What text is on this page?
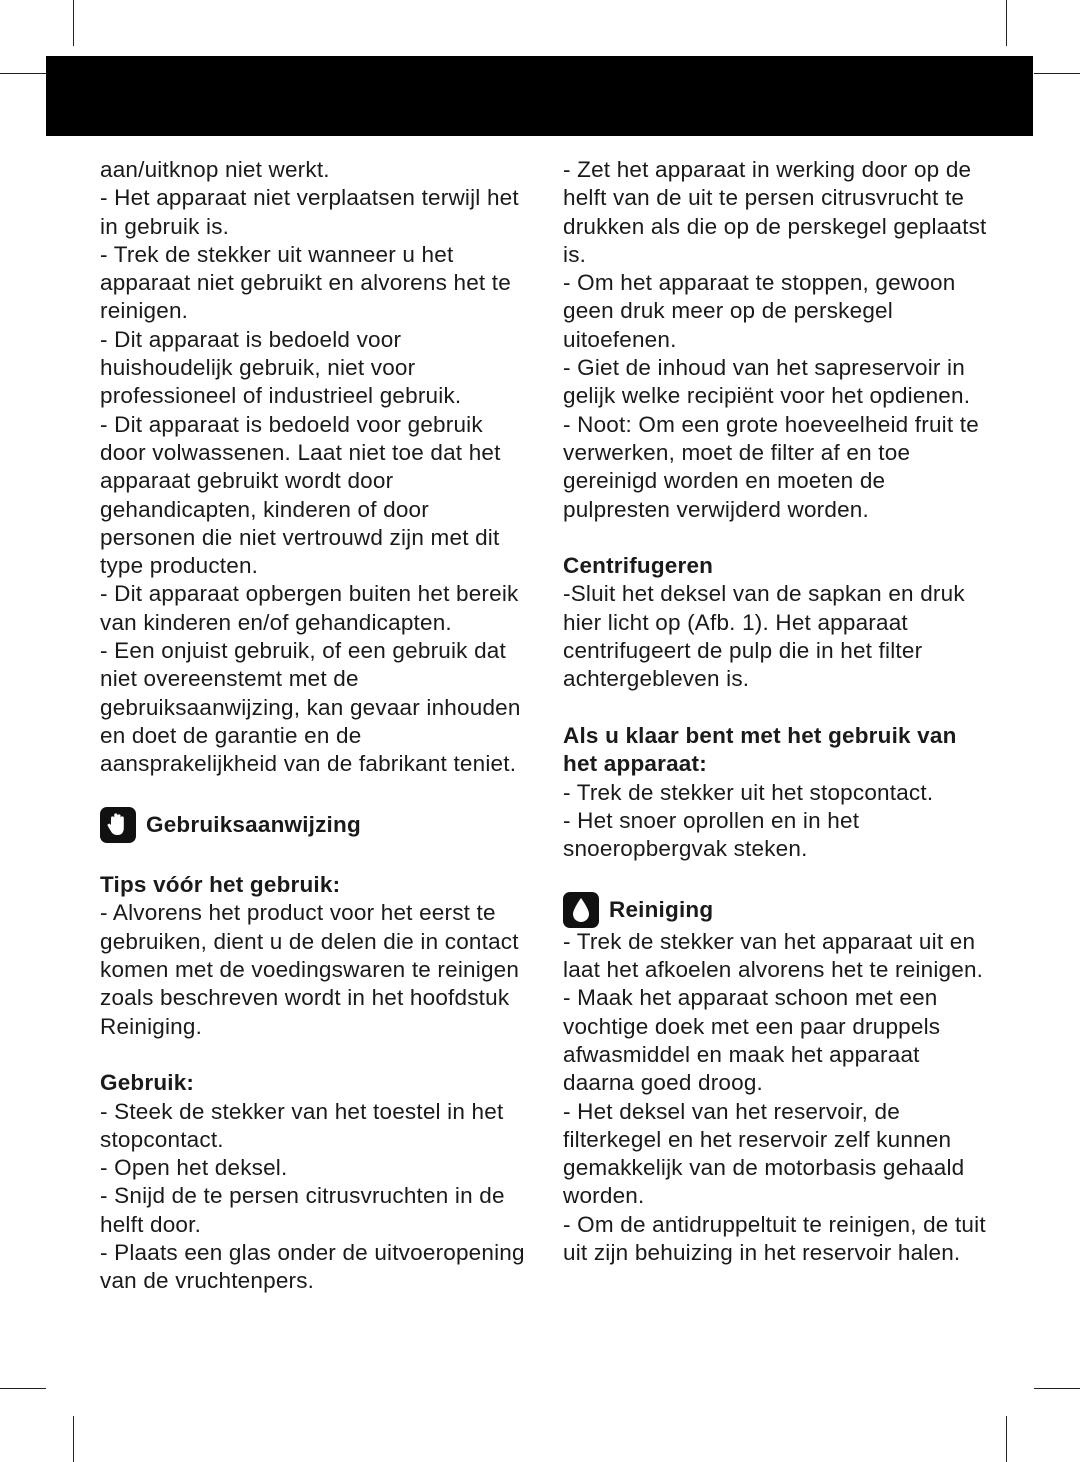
aan/uitknop niet werkt.

- Het apparaat niet verplaatsen terwijl het in gebruik is.

- Trek de stekker uit wanneer u het apparaat niet gebruikt en alvorens het te reinigen.

- Dit apparaat is bedoeld voor huishoudelijk gebruik, niet voor professioneel of industrieel gebruik.

- Dit apparaat is bedoeld voor gebruik door volwassenen. Laat niet toe dat het apparaat gebruikt wordt door gehandicapten, kinderen of door personen die niet vertrouwd zijn met dit type producten.

- Dit apparaat opbergen buiten het bereik van kinderen en/of gehandicapten.

- Een onjuist gebruik, of een gebruik dat niet overeenstemt met de gebruiksaanwijzing, kan gevaar inhouden en doet de garantie en de aansprakelijkheid van de fabrikant teniet.

Gebruiksaanwijzing

Tips vóór het gebruik:

- Alvorens het product voor het eerst te gebruiken, dient u de delen die in contact komen met de voedingswaren te reinigen zoals beschreven wordt in het hoofdstuk Reiniging.

Gebruik:

- Steek de stekker van het toestel in het stopcontact.

- Open het deksel.

- Snijd de te persen citrusvruchten in de helft door.

- Plaats een glas onder de uitvoeropening van de vruchtenpers.

- Zet het apparaat in werking door op de helft van de uit te persen citrusvrucht te drukken als die op de perskegel geplaatst is.

- Om het apparaat te stoppen, gewoon geen druk meer op de perskegel uitoefenen.

- Giet de inhoud van het sapreservoir in gelijk welke recipiënt voor het opdienen.

- Noot: Om een grote hoeveelheid fruit te verwerken, moet de filter af en toe gereinigd worden en moeten de pulpresten verwijderd worden.

Centrifugeren

-Sluit het deksel van de sapkan en druk hier licht op (Afb. 1). Het apparaat centrifugeert de pulp die in het filter achtergebleven is.

Als u klaar bent met het gebruik van het apparaat:

- Trek de stekker uit het stopcontact.

- Het snoer oprollen en in het snoeropbergvak steken.

Reiniging

- Trek de stekker van het apparaat uit en laat het afkoelen alvorens het te reinigen.

- Maak het apparaat schoon met een vochtige doek met een paar druppels afwasmiddel en maak het apparaat daarna goed droog.

- Het deksel van het reservoir, de filterkegel en het reservoir zelf kunnen gemakkelijk van de motorbasis gehaald worden.

- Om de antidruppeltuit te reinigen, de tuit uit zijn behuizing in het reservoir halen.
